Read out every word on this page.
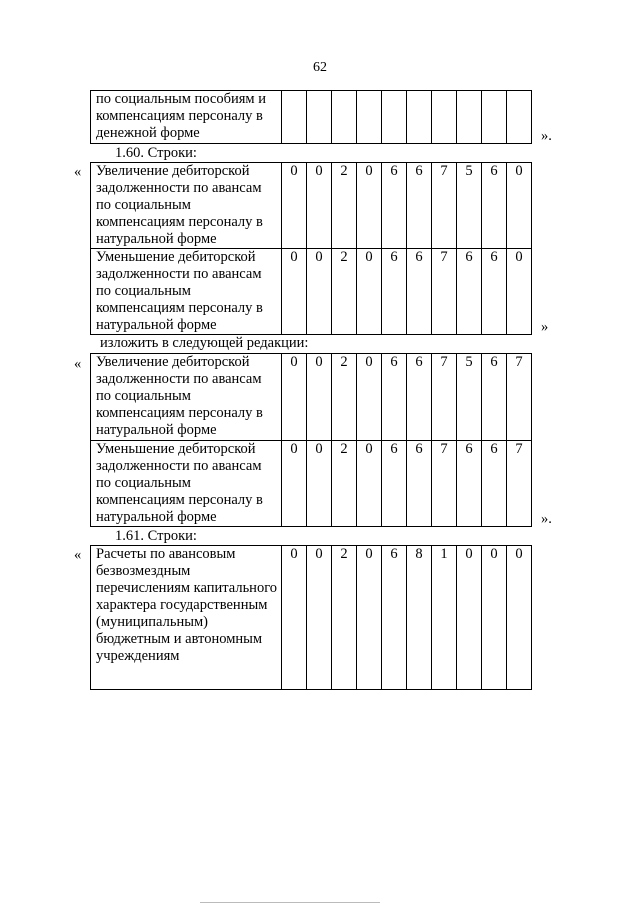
62
по социальным пособиям и компенсациям персоналу в денежной форме											».
1.60. Строки:
« Увеличение дебиторской задолженности по авансам по социальным компенсациям персоналу в натуральной форме	0	0	2	0	6	6	7	5	6	0
Уменьшение дебиторской задолженности по авансам по социальным компенсациям персоналу в натуральной форме	0	0	2	0	6	6	7	6	6	0
»
изложить в следующей редакции:
« Увеличение дебиторской задолженности по авансам по социальным компенсациям персоналу в натуральной форме	0	0	2	0	6	6	7	5	6	7
Уменьшение дебиторской задолженности по авансам по социальным компенсациям персоналу в натуральной форме	0	0	2	0	6	6	7	6	6	7
».
1.61. Строки:
« Расчеты по авансовым безвозмездным перечислениям капитального характера государственным (муниципальным) бюджетным и автономным учреждениям	0	0	2	0	6	8	1	0	0	0
